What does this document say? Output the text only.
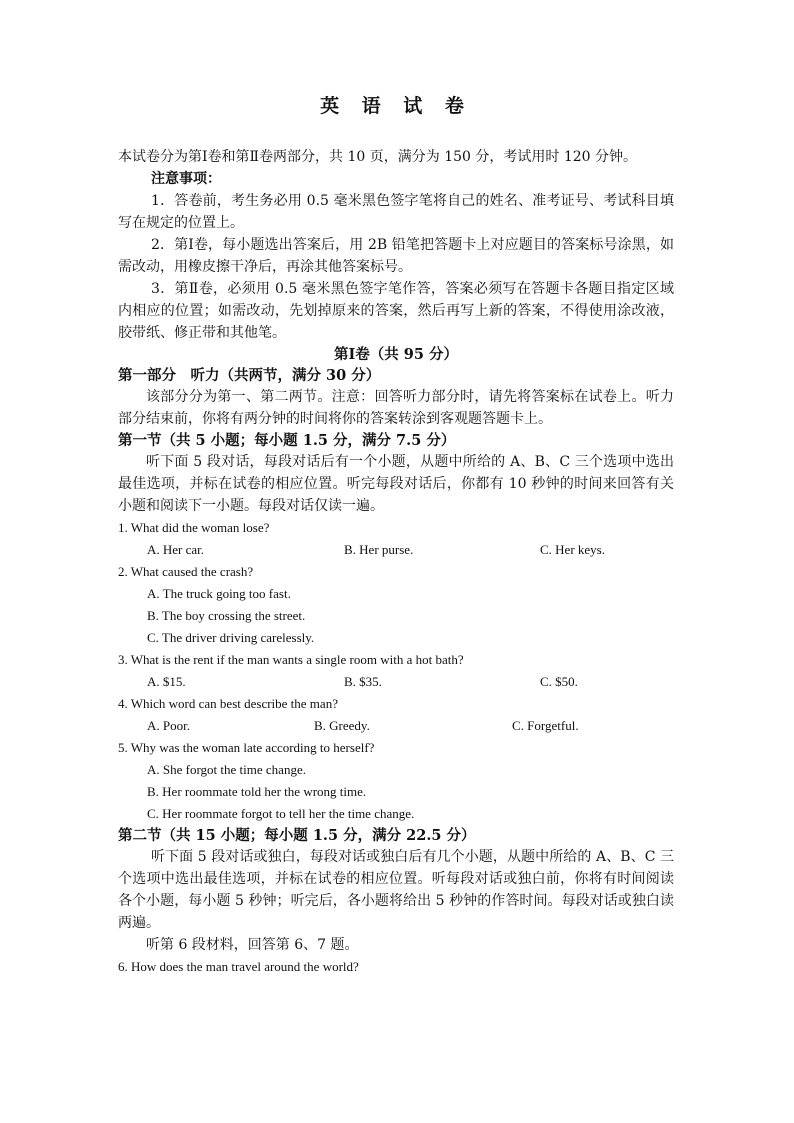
英 语 试 卷

本试卷分为第Ⅰ卷和第Ⅱ卷两部分，共 10 页，满分为 150 分，考试用时 120 分钟。

注意事项：

1．答卷前，考生务必用 0.5 毫米黑色签字笔将自己的姓名、准考证号、考试科目填写在规定的位置上。

2．第Ⅰ卷，每小题选出答案后，用 2B 铅笔把答题卡上对应题目的答案标号涂黑，如需改动，用橡皮擦干净后，再涂其他答案标号。

3．第Ⅱ卷，必须用 0.5 毫米黑色签字笔作答，答案必须写在答题卡各题目指定区域内相应的位置；如需改动，先划掉原来的答案，然后再写上新的答案，不得使用涂改液，胶带纸、修正带和其他笔。

第Ⅰ卷（共 95 分）

第一部分　听力（共两节，满分 30 分）

该部分分为第一、第二两节。注意：回答听力部分时，请先将答案标在试卷上。听力部分结束前，你将有两分钟的时间将你的答案转涂到客观题答题卡上。

第一节（共 5 小题；每小题 1.5 分，满分 7.5 分）

听下面 5 段对话，每段对话后有一个小题，从题中所给的 A、B、C 三个选项中选出最佳选项，并标在试卷的相应位置。听完每段对话后，你都有 10 秒钟的时间来回答有关小题和阅读下一小题。每段对话仅读一遍。

1. What did the woman lose?

A. Her car.	B. Her purse.	C. Her keys.

2. What caused the crash?

A. The truck going too fast.

B. The boy crossing the street.

C. The driver driving carelessly.

3. What is the rent if the man wants a single room with a hot bath?

A. $15.	B. $35.	C. $50.

4. Which word can best describe the man?

A. Poor.	B. Greedy.	C. Forgetful.

5. Why was the woman late according to herself?

A. She forgot the time change.

B. Her roommate told her the wrong time.

C. Her roommate forgot to tell her the time change.

第二节（共 15 小题；每小题 1.5 分，满分 22.5 分）

听下面 5 段对话或独白，每段对话或独白后有几个小题，从题中所给的 A、B、C 三个选项中选出最佳选项，并标在试卷的相应位置。听每段对话或独白前，你将有时间阅读各个小题，每小题 5 秒钟；听完后，各小题将给出 5 秒钟的作答时间。每段对话或独白读两遍。

听第 6 段材料，回答第 6、7 题。

6. How does the man travel around the world?
